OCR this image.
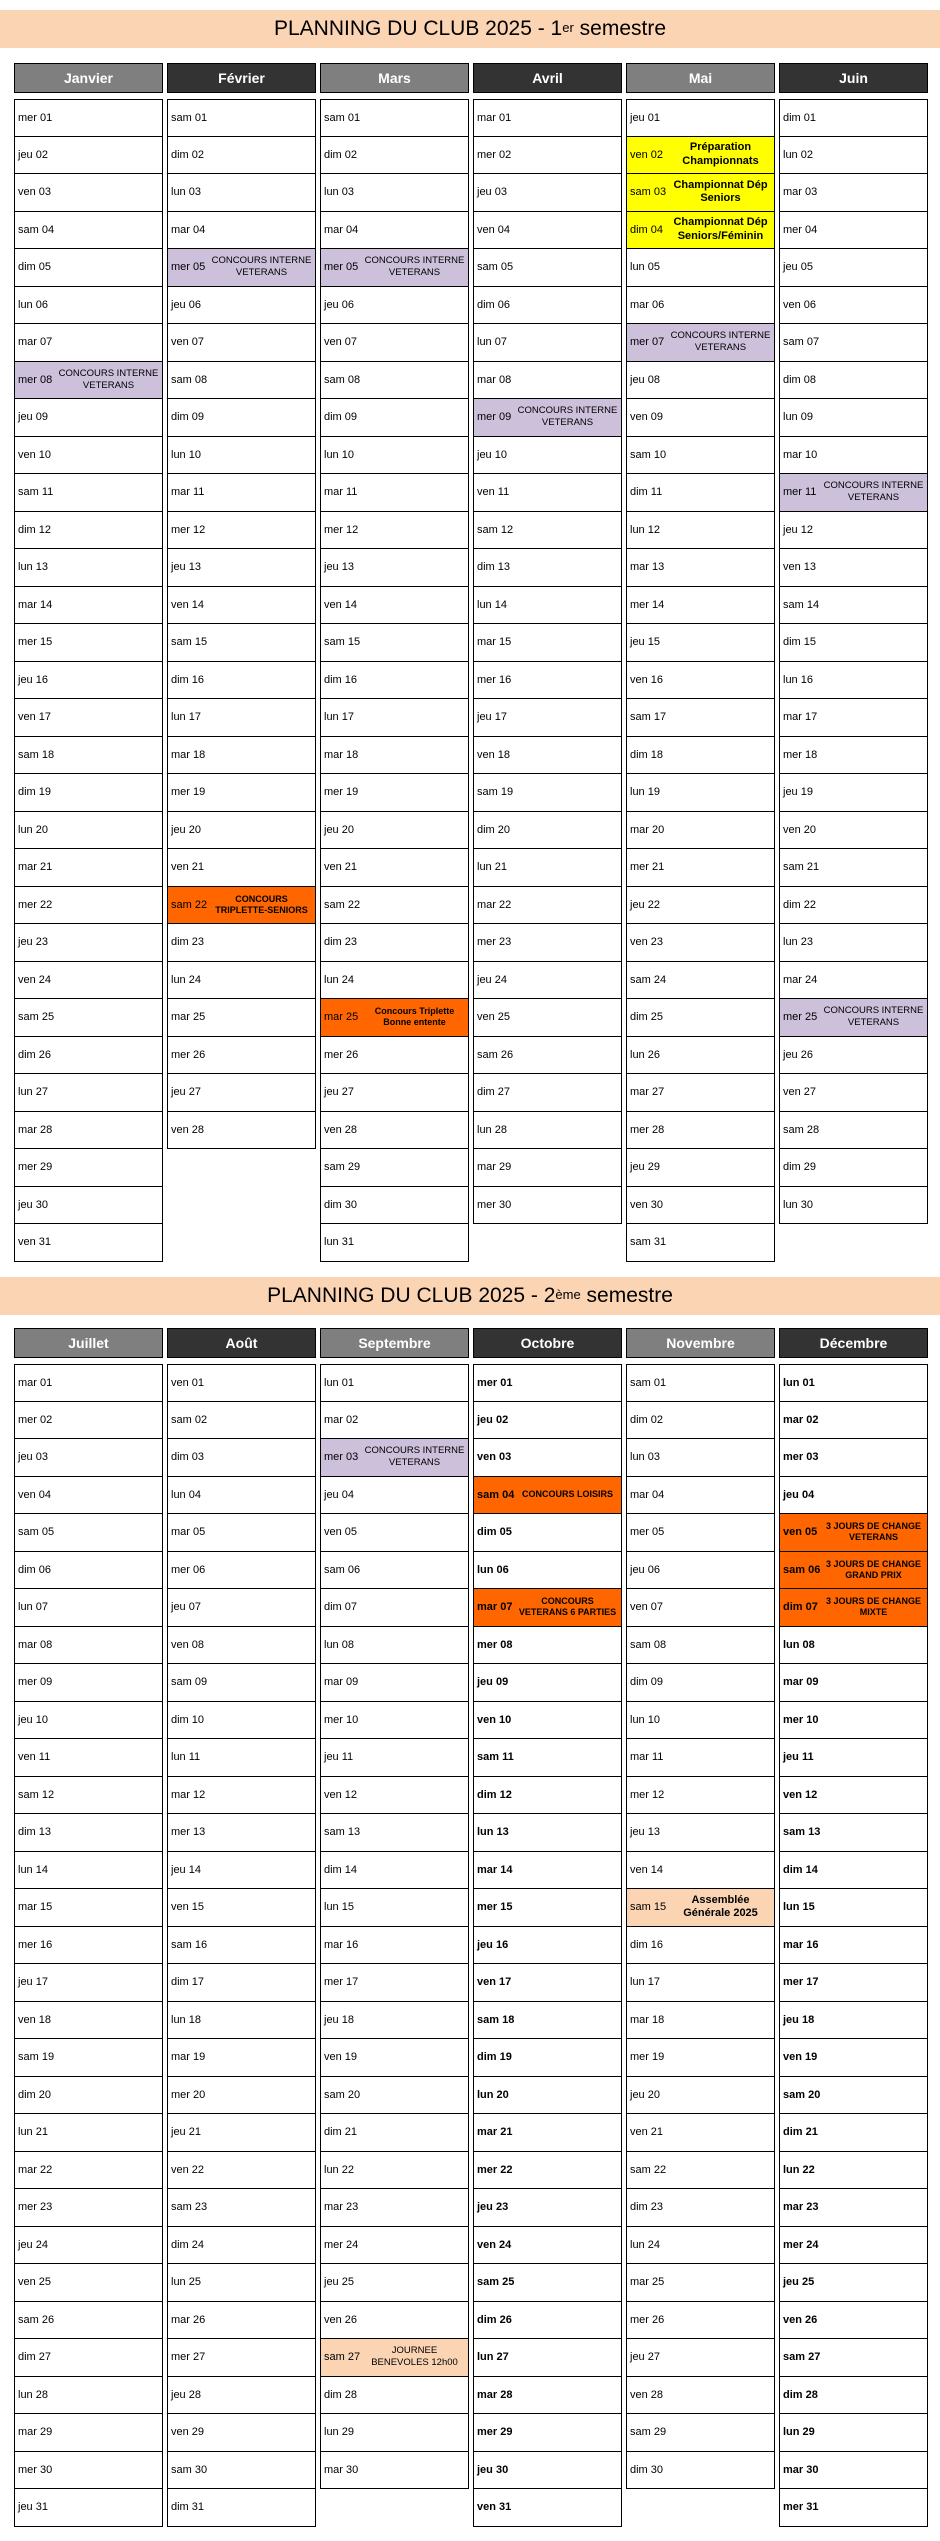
PLANNING DU CLUB 2025 - 1er semestre
Janvier
mer 01
jeu 02
ven 03
sam 04
dim 05
lun 06
mar 07
mer 08
CONCOURS INTERNE VETERANS
jeu 09
ven 10
sam 11
dim 12
lun 13
mar 14
mer 15
jeu 16
ven 17
sam 18
dim 19
lun 20
mar 21
mer 22
jeu 23
ven 24
sam 25
dim 26
lun 27
mar 28
mer 29
jeu 30
ven 31
Février
sam 01
dim 02
lun 03
mar 04
mer 05
CONCOURS INTERNE VETERANS
jeu 06
ven 07
sam 08
dim 09
lun 10
mar 11
mer 12
jeu 13
ven 14
sam 15
dim 16
lun 17
mar 18
mer 19
jeu 20
ven 21
sam 22
CONCOURS TRIPLETTE-SENIORS
dim 23
lun 24
mar 25
mer 26
jeu 27
ven 28
Mars
sam 01
dim 02
lun 03
mar 04
mer 05
CONCOURS INTERNE VETERANS
jeu 06
ven 07
sam 08
dim 09
lun 10
mar 11
mer 12
jeu 13
ven 14
sam 15
dim 16
lun 17
mar 18
mer 19
jeu 20
ven 21
sam 22
dim 23
lun 24
mar 25
Concours Triplette Bonne entente
mer 26
jeu 27
ven 28
sam 29
dim 30
lun 31
Avril
mar 01
mer 02
jeu 03
ven 04
sam 05
dim 06
lun 07
mar 08
mer 09
CONCOURS INTERNE VETERANS
jeu 10
ven 11
sam 12
dim 13
lun 14
mar 15
mer 16
jeu 17
ven 18
sam 19
dim 20
lun 21
mar 22
mer 23
jeu 24
ven 25
sam 26
dim 27
lun 28
mar 29
mer 30
Mai
jeu 01
ven 02
Préparation Championnats
sam 03
Championnat Dép Seniors
dim 04
Championnat Dép Seniors/Féminin
lun 05
mar 06
mer 07
CONCOURS INTERNE VETERANS
jeu 08
ven 09
sam 10
dim 11
lun 12
mar 13
mer 14
jeu 15
ven 16
sam 17
dim 18
lun 19
mar 20
mer 21
jeu 22
ven 23
sam 24
dim 25
lun 26
mar 27
mer 28
jeu 29
ven 30
sam 31
Juin
dim 01
lun 02
mar 03
mer 04
jeu 05
ven 06
sam 07
dim 08
lun 09
mar 10
mer 11
CONCOURS INTERNE VETERANS
jeu 12
ven 13
sam 14
dim 15
lun 16
mar 17
mer 18
jeu 19
ven 20
sam 21
dim 22
lun 23
mar 24
mer 25
CONCOURS INTERNE VETERANS
jeu 26
ven 27
sam 28
dim 29
lun 30
PLANNING DU CLUB 2025 - 2ème semestre
Juillet
mar 01
mer 02
jeu 03
ven 04
sam 05
dim 06
lun 07
mar 08
mer 09
jeu 10
ven 11
sam 12
dim 13
lun 14
mar 15
mer 16
jeu 17
ven 18
sam 19
dim 20
lun 21
mar 22
mer 23
jeu 24
ven 25
sam 26
dim 27
lun 28
mar 29
mer 30
jeu 31
Août
ven 01
sam 02
dim 03
lun 04
mar 05
mer 06
jeu 07
ven 08
sam 09
dim 10
lun 11
mar 12
mer 13
jeu 14
ven 15
sam 16
dim 17
lun 18
mar 19
mer 20
jeu 21
ven 22
sam 23
dim 24
lun 25
mar 26
mer 27
jeu 28
ven 29
sam 30
dim 31
Septembre
lun 01
mar 02
mer 03
CONCOURS INTERNE VETERANS
jeu 04
ven 05
sam 06
dim 07
lun 08
mar 09
mer 10
jeu 11
ven 12
sam 13
dim 14
lun 15
mar 16
mer 17
jeu 18
ven 19
sam 20
dim 21
lun 22
mar 23
mer 24
jeu 25
ven 26
sam 27
JOURNEE BENEVOLES 12h00
dim 28
lun 29
mar 30
Octobre
mer 01
jeu 02
ven 03
sam 04 CONCOURS LOISIRS
dim 05
lun 06
mar 07
CONCOURS VETERANS 6 PARTIES
mer 08
jeu 09
ven 10
sam 11
dim 12
lun 13
mar 14
mer 15
jeu 16
ven 17
sam 18
dim 19
lun 20
mar 21
mer 22
jeu 23
ven 24
sam 25
dim 26
lun 27
mar 28
mer 29
jeu 30
ven 31
Novembre
sam 01
dim 02
lun 03
mar 04
mer 05
jeu 06
ven 07
sam 08
dim 09
lun 10
mar 11
mer 12
jeu 13
ven 14
sam 15
Assemblée Générale 2025
dim 16
lun 17
mar 18
mer 19
jeu 20
ven 21
sam 22
dim 23
lun 24
mar 25
mer 26
jeu 27
ven 28
sam 29
dim 30
Décembre
lun 01
mar 02
mer 03
jeu 04
ven 05
3 JOURS DE CHANGE VETERANS
sam 06
3 JOURS DE CHANGE GRAND PRIX
dim 07
3 JOURS DE CHANGE MIXTE
lun 08
mar 09
mer 10
jeu 11
ven 12
sam 13
dim 14
lun 15
mar 16
mer 17
jeu 18
ven 19
sam 20
dim 21
lun 22
mar 23
mer 24
jeu 25
ven 26
sam 27
dim 28
lun 29
mar 30
mer 31
